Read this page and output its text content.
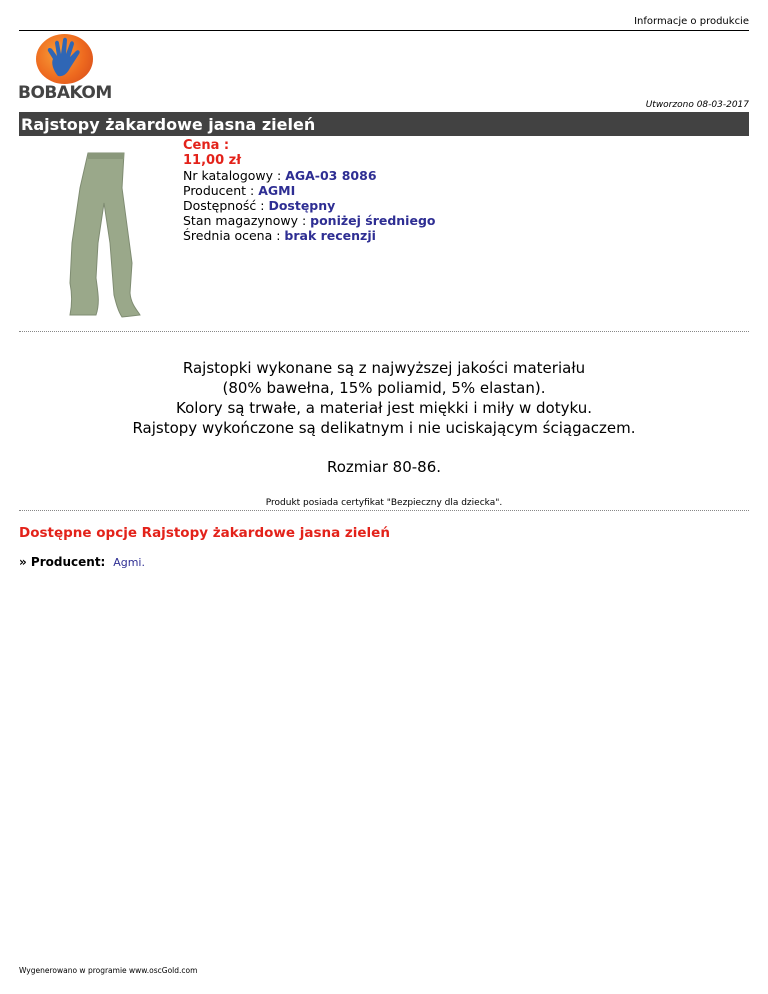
Informacje o produkcie
BOBAKOM
Utworzono 08-03-2017
Rajstopy żakardowe jasna zieleń
Cena :
11,00 zł
Nr katalogowy : AGA-03 8086
Producent : AGMI
Dostępność : Dostępny
Stan magazynowy : poniżej średniego
Średnia ocena : brak recenzji

Rajstopki wykonane są z najwyższej jakości materiału

(80% bawełna, 15% poliamid, 5% elastan).

Kolory są trwałe, a materiał jest miękki i miły w dotyku.

Rajstopy wykończone są delikatnym i nie uciskającym ściągaczem.

Rozmiar 80-86.
Produkt posiada certyfikat "Bezpieczny dla dziecka".
Dostępne opcje Rajstopy żakardowe jasna zieleń
» Producent: Agmi.
Wygenerowano w programie www.oscGold.com
